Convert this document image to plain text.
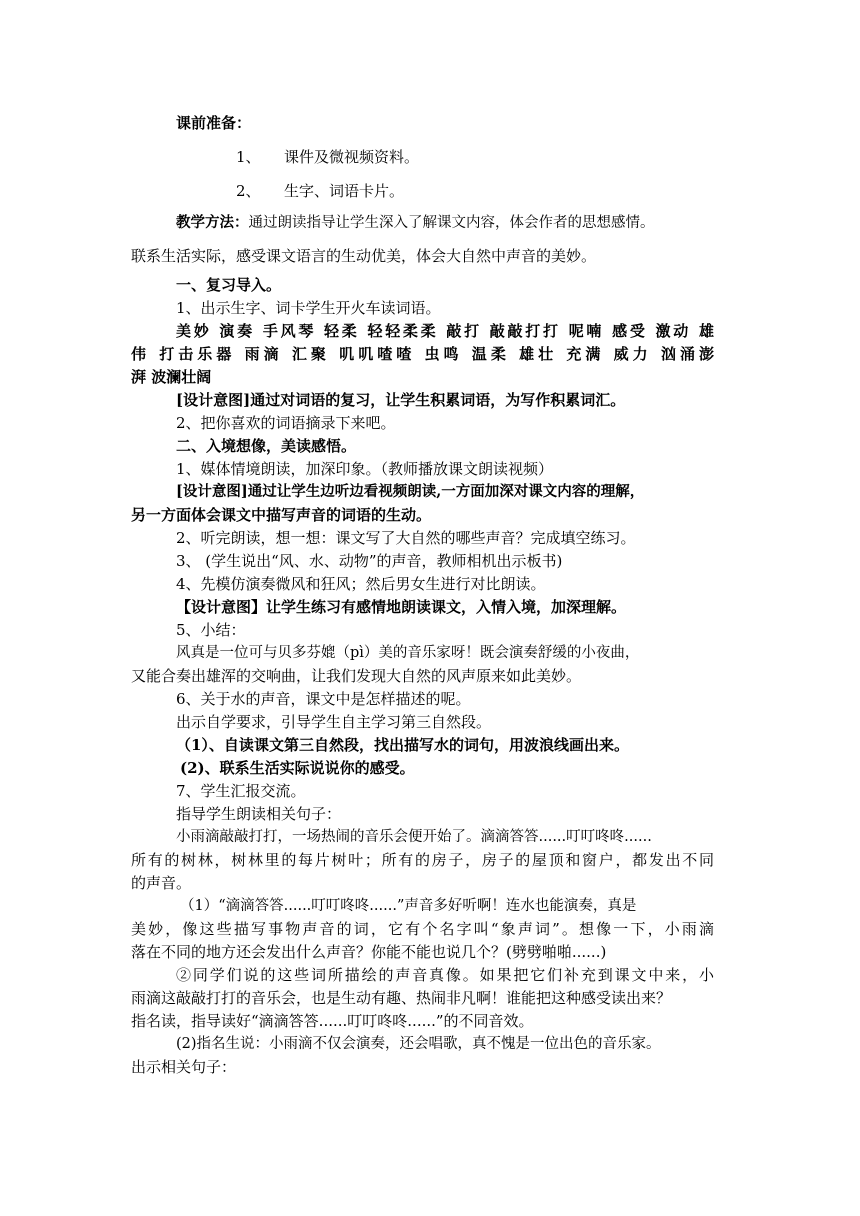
课前准备：
1、 课件及微视频资料。
2、 生字、词语卡片。
教学方法：通过朗读指导让学生深入了解课文内容，体会作者的思想感情。
联系生活实际，感受课文语言的生动优美，体会大自然中声音的美妙。
一、复习导入。
1、出示生字、词卡学生开火车读词语。
美妙 演奏 手风琴 轻柔 轻轻柔柔 敲打 敲敲打打 呢喃 感受 激动 雄
伟 打击乐器 雨滴 汇聚 叽叽喳喳 虫鸣 温柔 雄壮 充满 威力 汹涌澎
湃 波澜壮阔
[设计意图]通过对词语的复习，让学生积累词语，为写作积累词汇。
2、把你喜欢的词语摘录下来吧。
二、入境想像，美读感悟。
1、媒体情境朗读，加深印象。（教师播放课文朗读视频）
[设计意图]通过让学生边听边看视频朗读,一方面加深对课文内容的理解，
另一方面体会课文中描写声音的词语的生动。
2、听完朗读，想一想：课文写了大自然的哪些声音？完成填空练习。
3、 (学生说出“风、水、动物”的声音，教师相机出示板书)
4、先模仿演奏微风和狂风；然后男女生进行对比朗读。
【设计意图】让学生练习有感情地朗读课文，入情入境，加深理解。
5、小结：
风真是一位可与贝多芬媲（pì）美的音乐家呀！既会演奏舒缓的小夜曲，
又能合奏出雄浑的交响曲，让我们发现大自然的风声原来如此美妙。
6、关于水的声音，课文中是怎样描述的呢。
出示自学要求，引导学生自主学习第三自然段。
（1）、自读课文第三自然段，找出描写水的词句，用波浪线画出来。
(2)、联系生活实际说说你的感受。
7、学生汇报交流。
指导学生朗读相关句子：
小雨滴敲敲打打，一场热闹的音乐会便开始了。滴滴答答......叮叮咚咚......
所有的树林，树林里的每片树叶；所有的房子，房子的屋顶和窗户，都发出不同
的声音。
（1）“滴滴答答......叮叮咚咚......”声音多好听啊！连水也能演奏，真是
美妙，像这些描写事物声音的词，它有个名字叫“象声词”。想像一下，小雨滴
落在不同的地方还会发出什么声音？你能不能也说几个？(劈劈啪啪......)
②同学们说的这些词所描绘的声音真像。如果把它们补充到课文中来，小
雨滴这敲敲打打的音乐会，也是生动有趣、热闹非凡啊！谁能把这种感受读出来？
指名读，指导读好“滴滴答答......叮叮咚咚......”的不同音效。
(2)指名生说：小雨滴不仅会演奏，还会唱歌，真不愧是一位出色的音乐家。
出示相关句子：
